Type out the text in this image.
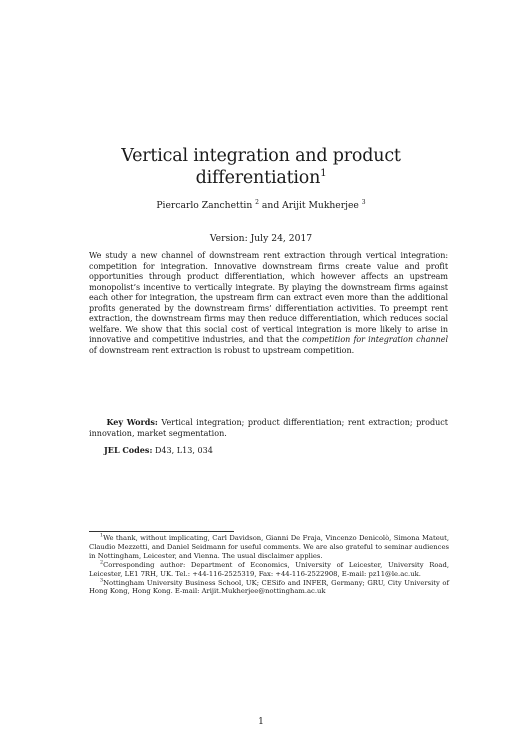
Vertical integration and product differentiation$^1$
Piercarlo Zanchettin $^2$ and Arijit Mukherjee $^3$
Version: July 24, 2017
We study a new channel of downstream rent extraction through vertical integration: competition for integration. Innovative downstream firms create value and profit opportunities through product differentiation, which however affects an upstream monopolist’s incentive to vertically integrate. By playing the downstream firms against each other for integration, the upstream firm can extract even more than the additional profits generated by the downstream firms’ differentiation activities. To preempt rent extraction, the downstream firms may then reduce differentiation, which reduces social welfare. We show that this social cost of vertical integration is more likely to arise in innovative and competitive industries, and that the competition for integration channel of downstream rent extraction is robust to upstream competition.
Key Words: Vertical integration; product differentiation; rent extraction; product innovation, market segmentation.
JEL Codes: D43, L13, 034

$^1$We thank, without implicating, Carl Davidson, Gianni De Fraja, Vincenzo Denicolò, Simona Mateut, Claudio Mezzetti, and Daniel Seidmann for useful comments. We are also grateful to seminar audiences in Nottingham, Leicester, and Vienna. The usual disclaimer applies.

$^2$Corresponding author: Department of Economics, University of Leicester, University Road, Leicester, LE1 7RH, UK. Tel.: +44-116-2525319, Fax: +44-116-2522908, E-mail: pz11@le.ac.uk.

$^3$Nottingham University Business School, UK; CESifo and INFER, Germany; GRU, City University of Hong Kong, Hong Kong. E-mail: Arijit.Mukherjee@nottingham.ac.uk

1
